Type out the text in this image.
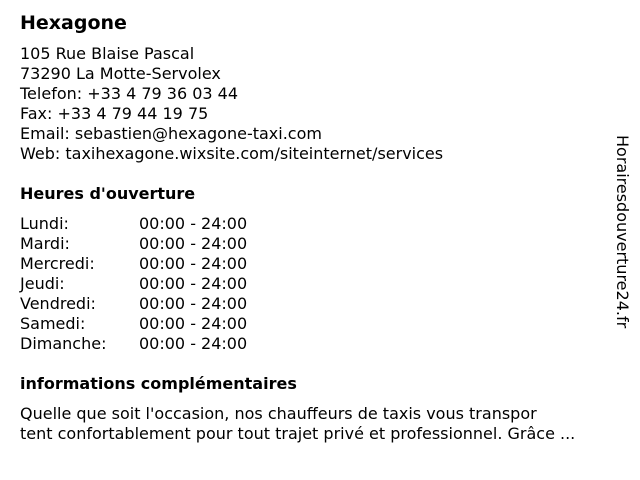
Hexagone
105 Rue Blaise Pascal
73290 La Motte-Servolex
Telefon: +33 4 79 36 03 44
Fax: +33 4 79 44 19 75
Email: sebastien@hexagone-taxi.com
Web: taxihexagone.wixsite.com/siteinternet/services
Heures d'ouverture
Lundi:	00:00 - 24:00
Mardi:	00:00 - 24:00
Mercredi:	00:00 - 24:00
Jeudi:	00:00 - 24:00
Vendredi:	00:00 - 24:00
Samedi:	00:00 - 24:00
Dimanche: 00:00 - 24:00
informations complémentaires
Quelle que soit l'occasion, nos chauffeurs de taxis vous transpor
tent confortablement pour tout trajet privé et professionnel. Grâce ...
Horairesdouverture24.fr
